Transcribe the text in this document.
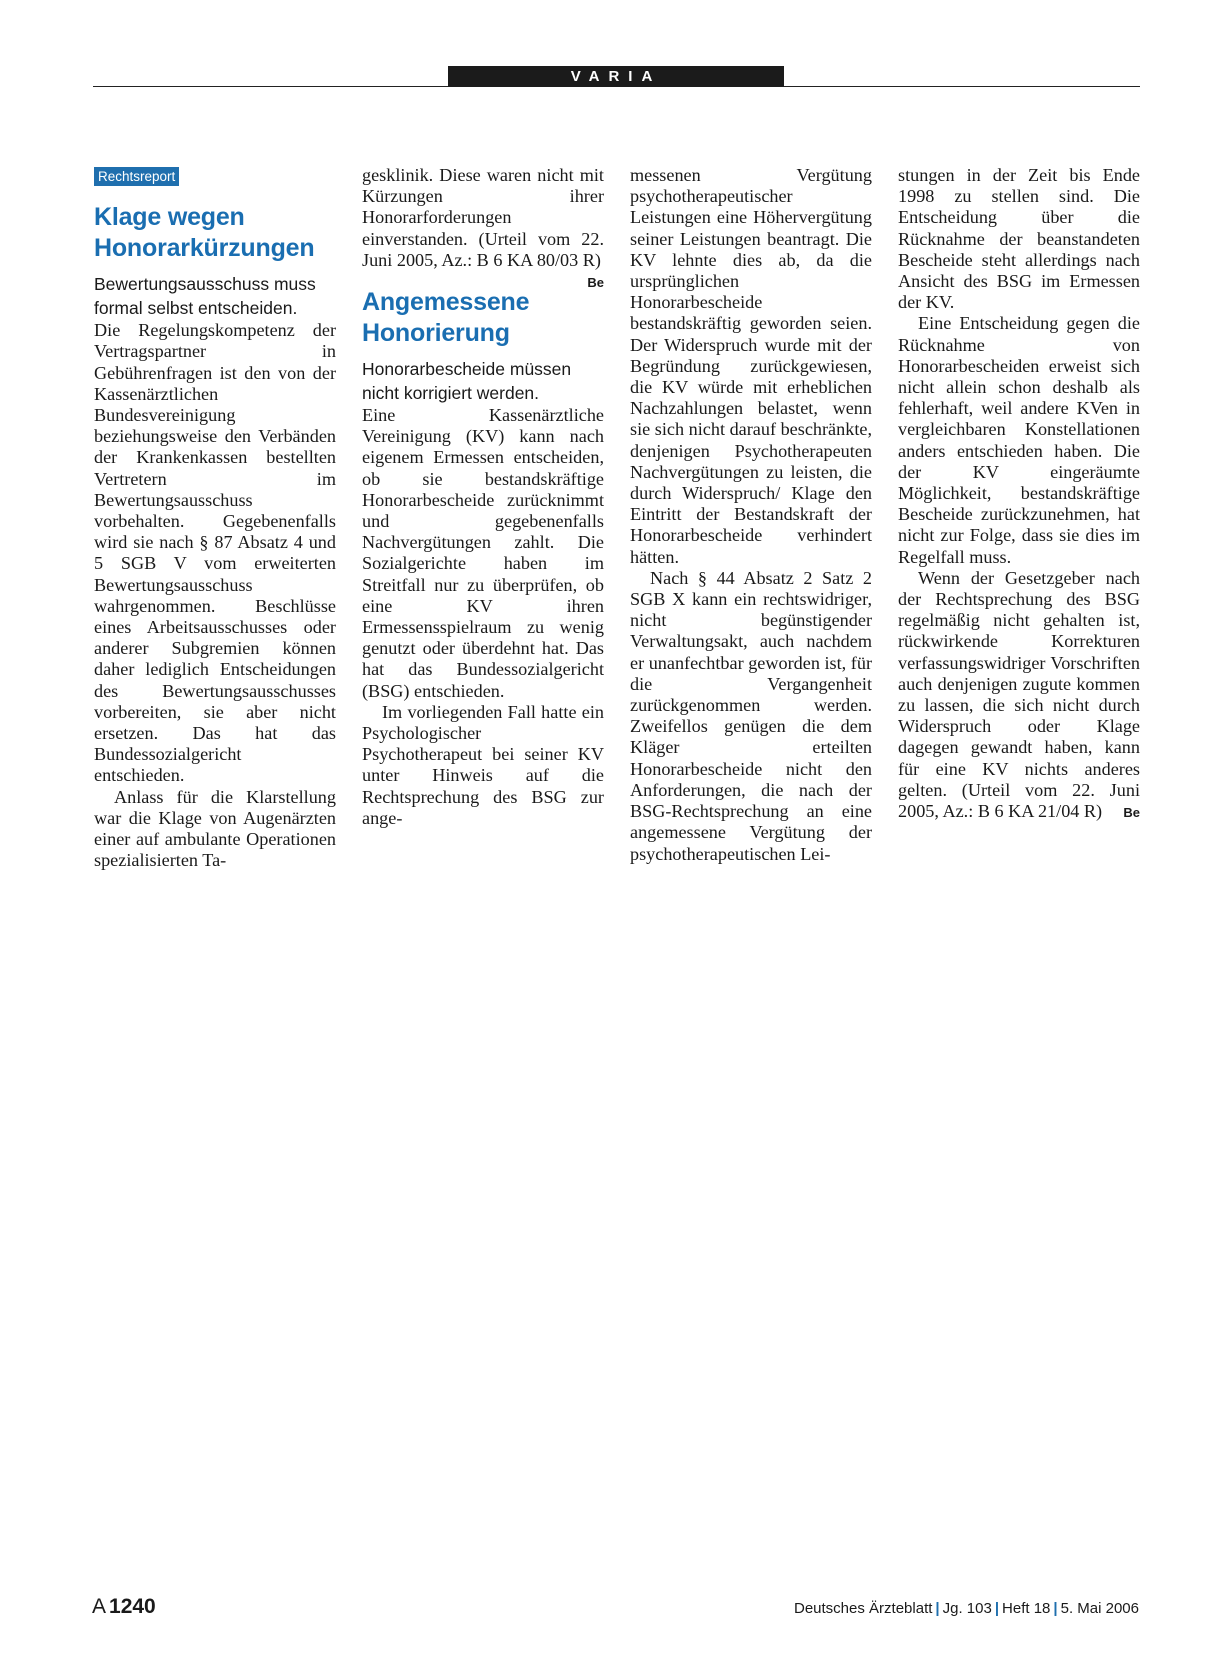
VARIA
Rechtsreport
Klage wegen
Honorarkürzungen
Bewertungsausschuss muss
formal selbst entscheiden.

Die Regelungskompetenz der Vertragspartner in Gebührenfragen ist den von der Kassenärztlichen Bundesvereinigung beziehungsweise den Verbänden der Krankenkassen bestellten Vertretern im Bewertungsausschuss vorbehalten. Gegebenenfalls wird sie nach § 87 Absatz 4 und 5 SGB V vom erweiterten Bewertungsausschuss wahrgenommen. Beschlüsse eines Arbeitsausschusses oder anderer Subgremien können daher lediglich Entscheidungen des Bewertungsausschusses vorbereiten, sie aber nicht ersetzen. Das hat das Bundessozialgericht entschieden.

Anlass für die Klarstellung war die Klage von Augenärzten einer auf ambulante Operationen spezialisierten Ta-

gesklinik. Diese waren nicht mit Kürzungen ihrer Honorarforderungen einverstanden. (Urteil vom 22. Juni 2005, Az.: B 6 KA 80/03 R)
Be

Angemessene
Honorierung
Honorarbescheide müssen
nicht korrigiert werden.

Eine Kassenärztliche Vereinigung (KV) kann nach eigenem Ermessen entscheiden, ob sie bestandskräftige Honorarbescheide zurücknimmt und gegebenenfalls Nachvergütungen zahlt. Die Sozialgerichte haben im Streitfall nur zu überprüfen, ob eine KV ihren Ermessensspielraum zu wenig genutzt oder überdehnt hat. Das hat das Bundessozialgericht (BSG) entschieden.

Im vorliegenden Fall hatte ein Psychologischer Psychotherapeut bei seiner KV unter Hinweis auf die Rechtsprechung des BSG zur ange-

messenen Vergütung psychotherapeutischer Leistungen eine Höhervergütung seiner Leistungen beantragt. Die KV lehnte dies ab, da die ursprünglichen Honorarbescheide bestandskräftig geworden seien. Der Widerspruch wurde mit der Begründung zurückgewiesen, die KV würde mit erheblichen Nachzahlungen belastet, wenn sie sich nicht darauf beschränkte, denjenigen Psychotherapeuten Nachvergütungen zu leisten, die durch Widerspruch/ Klage den Eintritt der Bestandskraft der Honorarbescheide verhindert hätten.

Nach § 44 Absatz 2 Satz 2 SGB X kann ein rechtswidriger, nicht begünstigender Verwaltungsakt, auch nachdem er unanfechtbar geworden ist, für die Vergangenheit zurückgenommen werden. Zweifellos genügen die dem Kläger erteilten Honorarbescheide nicht den Anforderungen, die nach der BSG-Rechtsprechung an eine angemessene Vergütung der psychotherapeutischen Lei-

stungen in der Zeit bis Ende 1998 zu stellen sind. Die Entscheidung über die Rücknahme der beanstandeten Bescheide steht allerdings nach Ansicht des BSG im Ermessen der KV.

Eine Entscheidung gegen die Rücknahme von Honorarbescheiden erweist sich nicht allein schon deshalb als fehlerhaft, weil andere KVen in vergleichbaren Konstellationen anders entschieden haben. Die der KV eingeräumte Möglichkeit, bestandskräftige Bescheide zurückzunehmen, hat nicht zur Folge, dass sie dies im Regelfall muss.

Wenn der Gesetzgeber nach der Rechtsprechung des BSG regelmäßig nicht gehalten ist, rückwirkende Korrekturen verfassungswidriger Vorschriften auch denjenigen zugute kommen zu lassen, die sich nicht durch Widerspruch oder Klage dagegen gewandt haben, kann für eine KV nichts anderes gelten. (Urteil vom 22. Juni 2005, Az.: B 6 KA 21/04 R)	Be

A 1240	Deutsches Ärzteblatt | Jg. 103 | Heft 18 | 5. Mai 2006
